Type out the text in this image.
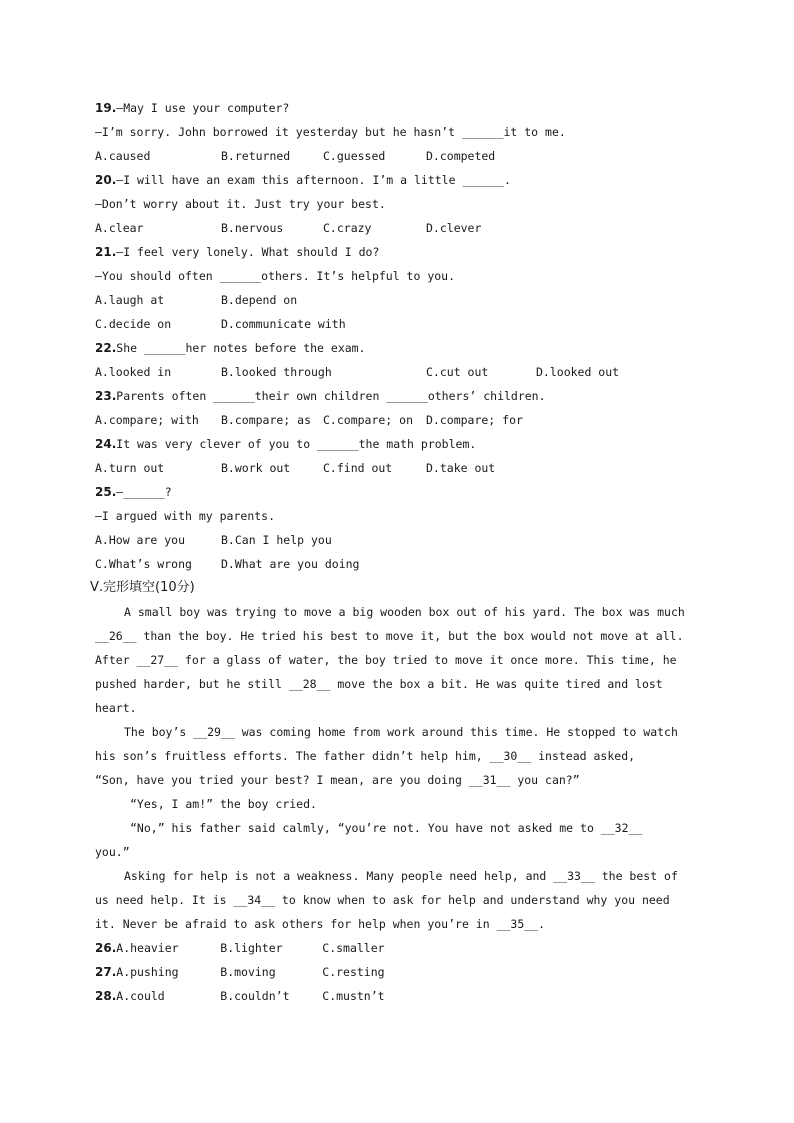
19.—May I use your computer?
—I’m sorry. John borrowed it yesterday but he hasn’t ______it to me.
A.caused	B.returned	C.guessed	D.competed
20.—I will have an exam this afternoon. I’m a little ______.
—Don’t worry about it. Just try your best.
A.clear	B.nervous	C.crazy	D.clever
21.—I feel very lonely. What should I do?
—You should often ______others. It’s helpful to you.
A.laugh at	B.depend on
C.decide on	D.communicate with
22.She ______her notes before the exam.
A.looked in	B.looked through	C.cut out	D.looked out
23.Parents often ______their own children ______others’ children.
A.compare; with B.compare; as C.compare; on D.compare; for
24.It was very clever of you to ______the math problem.
A.turn out	B.work out	C.find out	D.take out
25.—______?
—I argued with my parents.
A.How are you	B.Can I help you
C.What’s wrong	D.What are you doing
Ⅴ.完形填空(10分)
A small boy was trying to move a big wooden box out of his yard. The box was much
__26__ than the boy. He tried his best to move it, but the box would not move at all.
After __27__ for a glass of water, the boy tried to move it once more. This time, he
pushed harder, but he still __28__ move the box a bit. He was quite tired and lost
heart.
The boy’s __29__ was coming home from work around this time. He stopped to watch
his son’s fruitless efforts. The father didn’t help him, __30__ instead asked,
“Son, have you tried your best? I mean, are you doing __31__ you can?”
“Yes, I am!” the boy cried.
“No,” his father said calmly, “you’re not. You have not asked me to __32__
you.”
Asking for help is not a weakness. Many people need help, and __33__ the best of
us need help. It is __34__ to know when to ask for help and understand why you need
it. Never be afraid to ask others for help when you’re in __35__.
26.A.heavier	B.lighter	C.smaller
27.A.pushing	B.moving	C.resting
28.A.could	B.couldn’t	C.mustn’t
